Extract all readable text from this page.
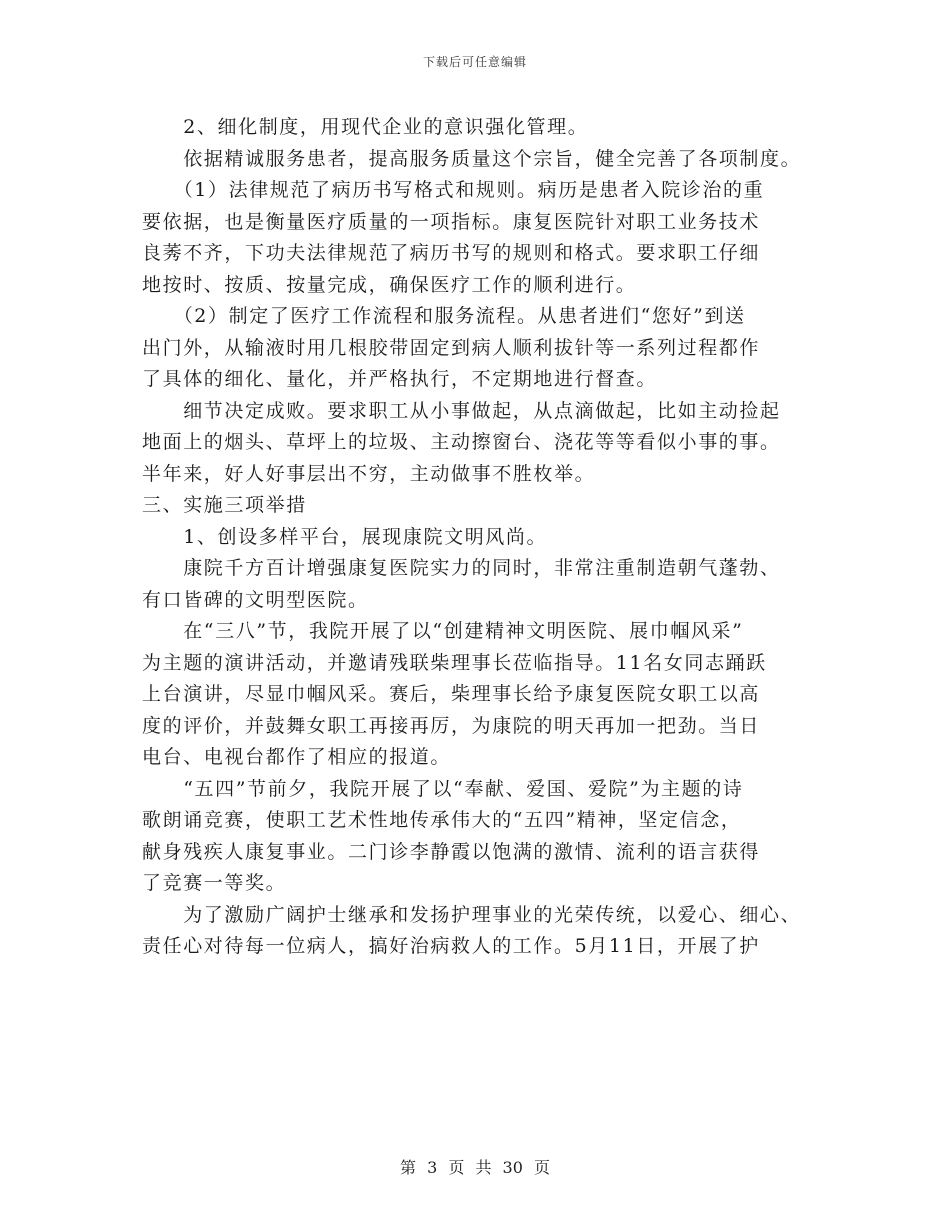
下载后可任意编辑
　　2、细化制度，用现代企业的意识强化管理。
　　依据精诚服务患者，提高服务质量这个宗旨，健全完善了各项制度。
　　（1）法律规范了病历书写格式和规则。病历是患者入院诊治的重
要依据，也是衡量医疗质量的一项指标。康复医院针对职工业务技术
良莠不齐，下功夫法律规范了病历书写的规则和格式。要求职工仔细
地按时、按质、按量完成，确保医疗工作的顺利进行。
　　（2）制定了医疗工作流程和服务流程。从患者进们“您好”到送
出门外，从输液时用几根胶带固定到病人顺利拔针等一系列过程都作
了具体的细化、量化，并严格执行，不定期地进行督查。
　　细节决定成败。要求职工从小事做起，从点滴做起，比如主动捡起
地面上的烟头、草坪上的垃圾、主动擦窗台、浇花等等看似小事的事。
半年来，好人好事层出不穷，主动做事不胜枚举。
三、实施三项举措
　　1、创设多样平台，展现康院文明风尚。
　　康院千方百计增强康复医院实力的同时，非常注重制造朝气蓬勃、
有口皆碑的文明型医院。
　　在“三八”节，我院开展了以“创建精神文明医院、展巾帼风采”
为主题的演讲活动，并邀请残联柴理事长莅临指导。11名女同志踊跃
上台演讲，尽显巾帼风采。赛后，柴理事长给予康复医院女职工以高
度的评价，并鼓舞女职工再接再厉，为康院的明天再加一把劲。当日
电台、电视台都作了相应的报道。
　　“五四”节前夕，我院开展了以“奉献、爱国、爱院”为主题的诗
歌朗诵竞赛，使职工艺术性地传承伟大的“五四”精神，坚定信念，
献身残疾人康复事业。二门诊李静霞以饱满的激情、流利的语言获得
了竞赛一等奖。
　　为了激励广阔护士继承和发扬护理事业的光荣传统，以爱心、细心、
责任心对待每一位病人，搞好治病救人的工作。5月11日，开展了护
第 3 页 共 30 页
